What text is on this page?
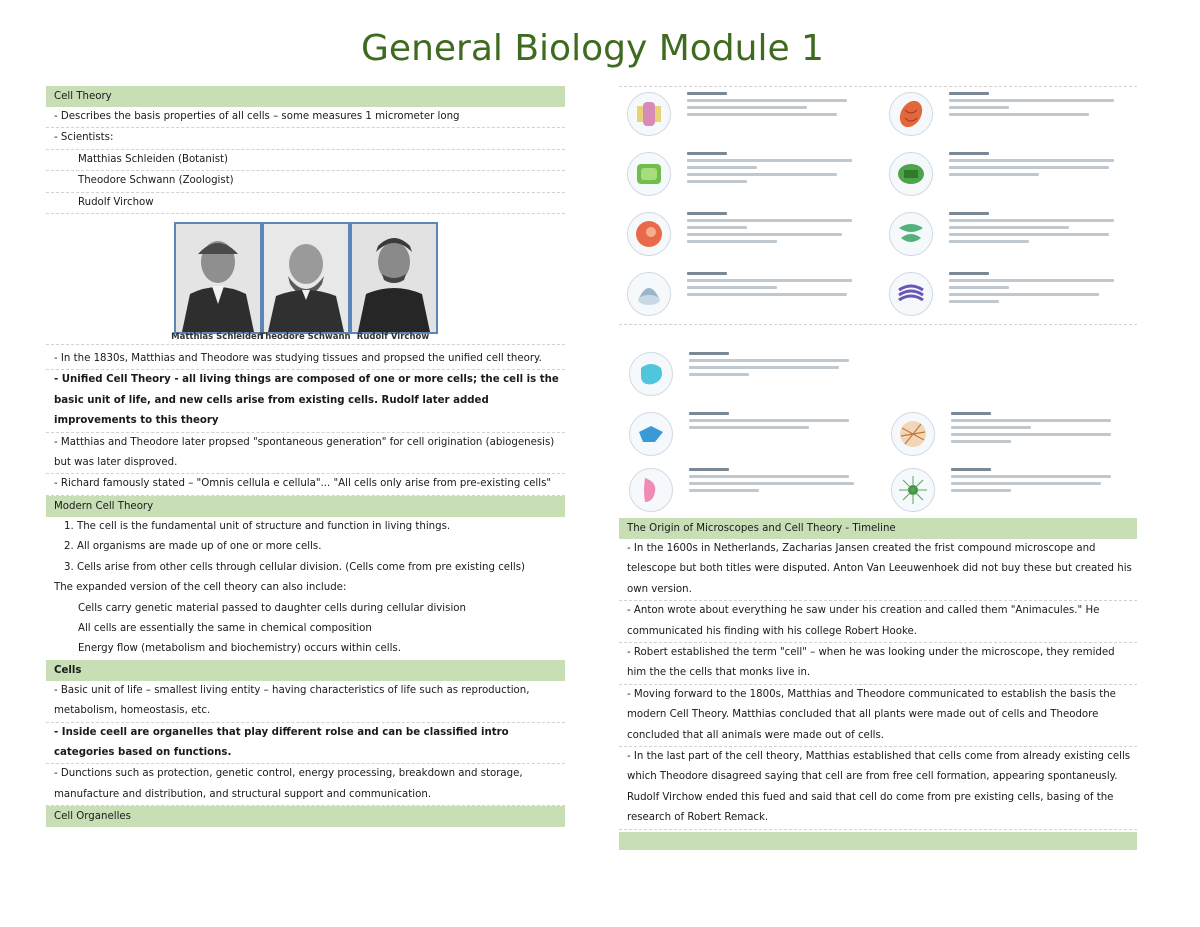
General Biology Module 1
Cell Theory
- Describes the basis properties of all cells – some measures 1 micrometer long
- Scientists:
Matthias Schleiden (Botanist)
Theodore Schwann (Zoologist)
Rudolf Virchow
- In the 1830s, Matthias and Theodore was studying tissues and propsed the unified cell theory.
- Unified Cell Theory - all living things are composed of one or more cells; the cell is the basic unit of life, and new cells arise from existing cells. Rudolf later added improvements to this theory
- Matthias and Theodore later propsed "spontaneous generation" for cell origination (abiogenesis) but was later disproved.
- Richard famously stated – "Omnis cellula e cellula"... "All cells only arise from pre-existing cells"
Modern Cell Theory
1. The cell is the fundamental unit of structure and function in living things.
2. All organisms are made up of one or more cells.
3. Cells arise from other cells through cellular division. (Cells come from pre existing cells)
The expanded version of the cell theory can also include:
Cells carry genetic material passed to daughter cells during cellular division
All cells are essentially the same in chemical composition
Energy flow (metabolism and biochemistry) occurs within cells.
Cells
- Basic unit of life – smallest living entity – having characteristics of life such as reproduction, metabolism, homeostasis, etc.
- Inside ceell are organelles that play different rolse and can be classified intro categories based on functions.
- Dunctions such as protection, genetic control, energy processing, breakdown and storage, manufacture and distribution, and structural support and communication.
Cell Organelles
Matthias Schleiden
Theodore Schwann Rudolf Virchow
The Origin of Microscopes and Cell Theory - Timeline
- In the 1600s in Netherlands, Zacharias Jansen created the frist compound microscope and telescope but both titles were disputed. Anton Van Leeuwenhoek did not buy these but created his own version.
- Anton wrote about everything he saw under his creation and called them "Animacules." He communicated his finding with his college Robert Hooke.
- Robert established the term "cell" – when he was looking under the microscope, they remided him the the cells that monks live in.
- Moving forward to the 1800s, Matthias and Theodore communicated to establish the basis the modern Cell Theory. Matthias concluded that all plants were made out of cells and Theodore concluded that all animals were made out of cells.
- In the last part of the cell theory, Matthias established that cells come from already existing cells which Theodore disagreed saying that cell are from free cell formation, appearing spontaneusly. Rudolf Virchow ended this fued and said that cell do come from pre existing cells, basing of the research of Robert Remack.
